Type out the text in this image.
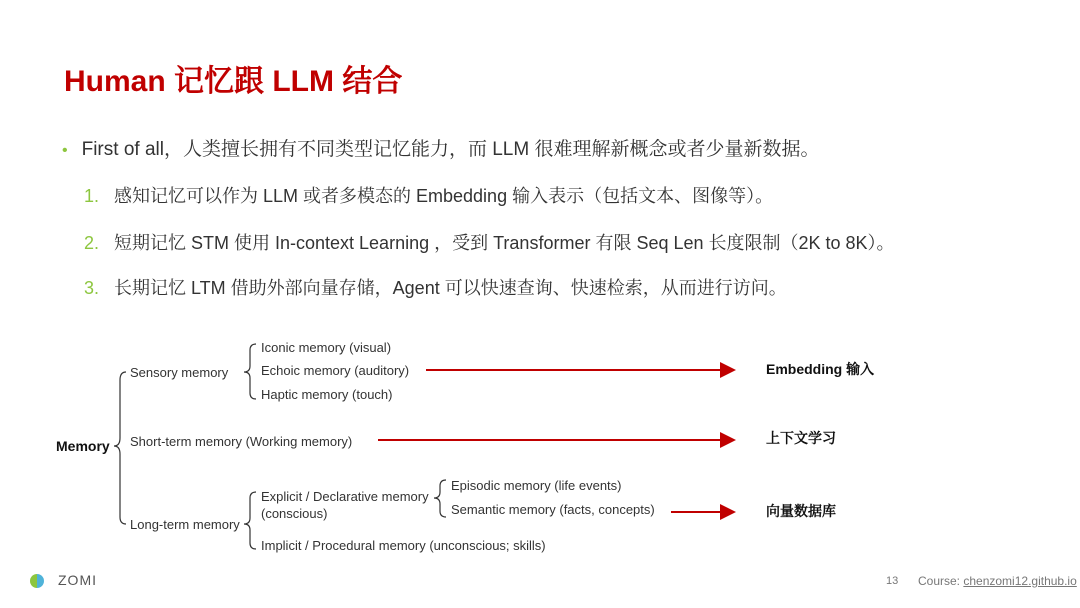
Human 记忆跟 LLM 结合
• First of all，人类擅长拥有不同类型记忆能力，而 LLM 很难理解新概念或者少量新数据。
1. 感知记忆可以作为 LLM 或者多模态的 Embedding 输入表示（包括文本、图像等）。
2. 短期记忆 STM 使用 In-context Learning ，受到 Transformer 有限 Seq Len 长度限制（2K to 8K）。
3. 长期记忆 LTM 借助外部向量存储，Agent 可以快速查询、快速检索，从而进行访问。
Memory
Sensory memory
Iconic memory (visual)
Echoic memory (auditory)
Haptic memory (touch)
Short-term memory (Working memory)
Long-term memory
Explicit / Declarative memory
(conscious)
Episodic memory (life events)
Semantic memory (facts, concepts)
Implicit / Procedural memory (unconscious; skills)
Embedding 输入
上下文学习
向量数据库
ZOMI	13 Course: chenzomi12.github.io
